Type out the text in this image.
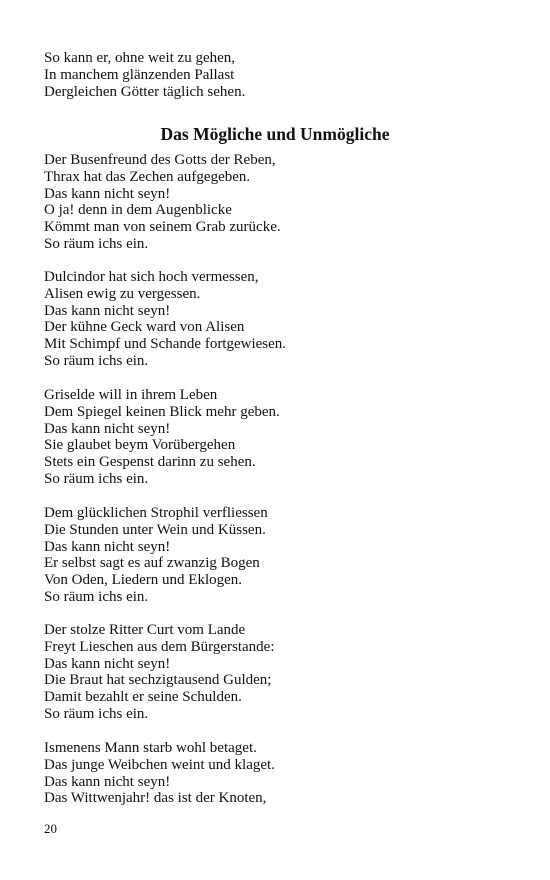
So kann er, ohne weit zu gehen,
In manchem glänzenden Pallast
Dergleichen Götter täglich sehen.
Das Mögliche und Unmögliche
Der Busenfreund des Gotts der Reben,
Thrax hat das Zechen aufgegeben.
Das kann nicht seyn!
O ja! denn in dem Augenblicke
Kömmt man von seinem Grab zurücke.
So räum ichs ein.
Dulcindor hat sich hoch vermessen,
Alisen ewig zu vergessen.
Das kann nicht seyn!
Der kühne Geck ward von Alisen
Mit Schimpf und Schande fortgewiesen.
So räum ichs ein.
Griselde will in ihrem Leben
Dem Spiegel keinen Blick mehr geben.
Das kann nicht seyn!
Sie glaubet beym Vorübergehen
Stets ein Gespenst darinn zu sehen.
So räum ichs ein.
Dem glücklichen Strophil verfliessen
Die Stunden unter Wein und Küssen.
Das kann nicht seyn!
Er selbst sagt es auf zwanzig Bogen
Von Oden, Liedern und Eklogen.
So räum ichs ein.
Der stolze Ritter Curt vom Lande
Freyt Lieschen aus dem Bürgerstande:
Das kann nicht seyn!
Die Braut hat sechzigtausend Gulden;
Damit bezahlt er seine Schulden.
So räum ichs ein.
Ismenens Mann starb wohl betaget.
Das junge Weibchen weint und klaget.
Das kann nicht seyn!
Das Wittwenjahr! das ist der Knoten,
20
